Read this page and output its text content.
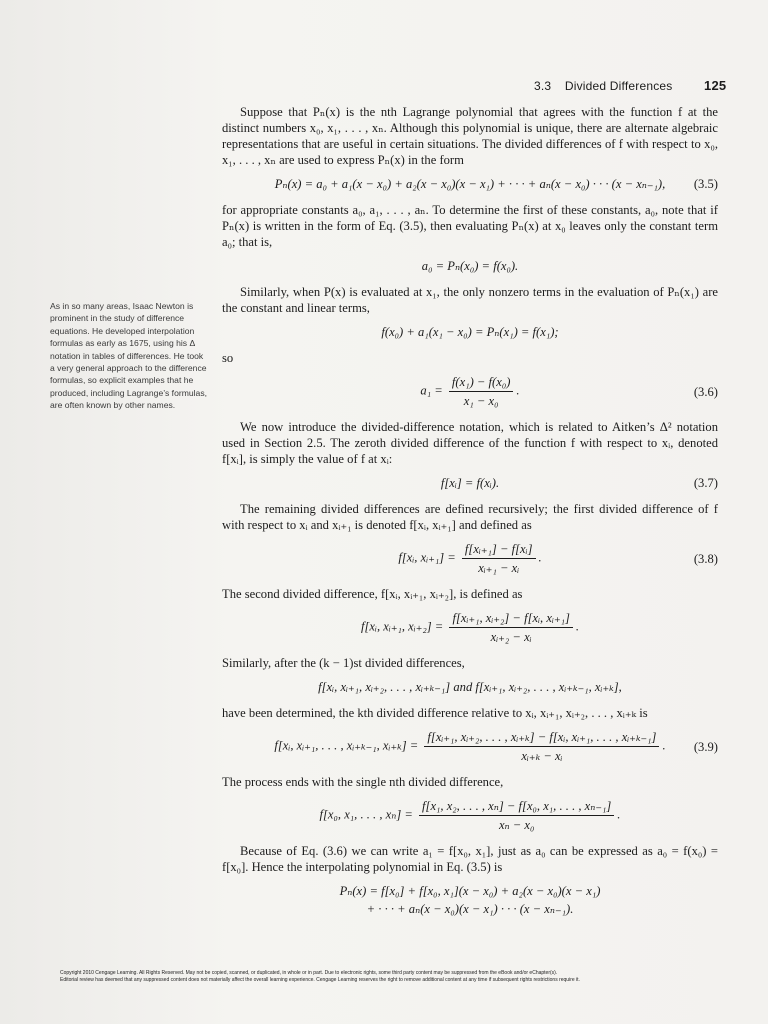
3.3 Divided Differences 125
As in so many areas, Isaac Newton is prominent in the study of difference equations. He developed interpolation formulas as early as 1675, using his Δ notation in tables of differences. He took a very general approach to the difference formulas, so explicit examples that he produced, including Lagrange’s formulas, are often known by other names.

Suppose that Pₙ(x) is the nth Lagrange polynomial that agrees with the function f at the distinct numbers x₀, x₁, . . . , xₙ. Although this polynomial is unique, there are alternate algebraic representations that are useful in certain situations. The divided differences of f with respect to x₀, x₁, . . . , xₙ are used to express Pₙ(x) in the form

Pₙ(x) = a₀ + a₁(x − x₀) + a₂(x − x₀)(x − x₁) + · · · + aₙ(x − x₀) · · · (x − xₙ₋₁), (3.5)

for appropriate constants a₀, a₁, . . . , aₙ. To determine the first of these constants, a₀, note that if Pₙ(x) is written in the form of Eq. (3.5), then evaluating Pₙ(x) at x₀ leaves only the constant term a₀; that is,

a₀ = Pₙ(x₀) = f(x₀).

Similarly, when P(x) is evaluated at x₁, the only nonzero terms in the evaluation of Pₙ(x₁) are the constant and linear terms,

f(x₀) + a₁(x₁ − x₀) = Pₙ(x₁) = f(x₁);

so

$a_1 = \frac{\text{f(x₁) − f(x₀)}}{\text{x₁ − x₀}}$ .	(3.6)

We now introduce the divided-difference notation, which is related to Aitken’s Δ² notation used in Section 2.5. The zeroth divided difference of the function f with respect to xᵢ, denoted f[xᵢ], is simply the value of f at xᵢ:

f[xᵢ] = f(xᵢ).	(3.7)

The remaining divided differences are defined recursively; the first divided difference of f with respect to xᵢ and xᵢ₊₁ is denoted f[xᵢ, xᵢ₊₁] and defined as

f[xᵢ, xᵢ₊₁] = $\frac{\text{f[xᵢ₊₁] − f[xᵢ]}}{\text{xᵢ₊₁ − xᵢ}}$ .	(3.8)

The second divided difference, f[xᵢ, xᵢ₊₁, xᵢ₊₂], is defined as

f[xᵢ, xᵢ₊₁, xᵢ₊₂] = $\frac{\text{f[xᵢ₊₁, xᵢ₊₂] − f[xᵢ, xᵢ₊₁]}}{\text{xᵢ₊₂ − xᵢ}}$ .

Similarly, after the (k − 1)st divided differences,

f[xᵢ, xᵢ₊₁, xᵢ₊₂, . . . , xᵢ₊ₖ₋₁] and f[xᵢ₊₁, xᵢ₊₂, . . . , xᵢ₊ₖ₋₁, xᵢ₊ₖ],

have been determined, the kth divided difference relative to xᵢ, xᵢ₊₁, xᵢ₊₂, . . . , xᵢ₊ₖ is

f[xᵢ, xᵢ₊₁, . . . , xᵢ₊ₖ₋₁, xᵢ₊ₖ] = $\frac{\text{f[xᵢ₊₁, xᵢ₊₂, . . . , xᵢ₊ₖ] − f[xᵢ, xᵢ₊₁, . . . , xᵢ₊ₖ₋₁]}}{\text{xᵢ₊ₖ − xᵢ}}$ . (3.9)

The process ends with the single nth divided difference,

f[x₀, x₁, . . . , $x_n] = \frac{\text{f[x₁, x₂, . . . , xₙ] − f[x₀, x₁, . . . , xₙ₋₁]}}{\text{xₙ − x₀}}$ .

Because of Eq. (3.6) we can write a₁ = f[x₀, x₁], just as a₀ can be expressed as a₀ = f(x₀) = f[x₀]. Hence the interpolating polynomial in Eq. (3.5) is

Pₙ(x) = f[x₀] + f[x₀, x₁](x − x₀) + a₂(x − x₀)(x − x₁)
+ · · · + aₙ(x − x₀)(x − x₁) · · · (x − xₙ₋₁).
Copyright 2010 Cengage Learning. All Rights Reserved. May not be copied, scanned, or duplicated, in whole or in part. Due to electronic rights, some third party content may be suppressed from the eBook and/or eChapter(s).
Editorial review has deemed that any suppressed content does not materially affect the overall learning experience. Cengage Learning reserves the right to remove additional content at any time if subsequent rights restrictions require it.
